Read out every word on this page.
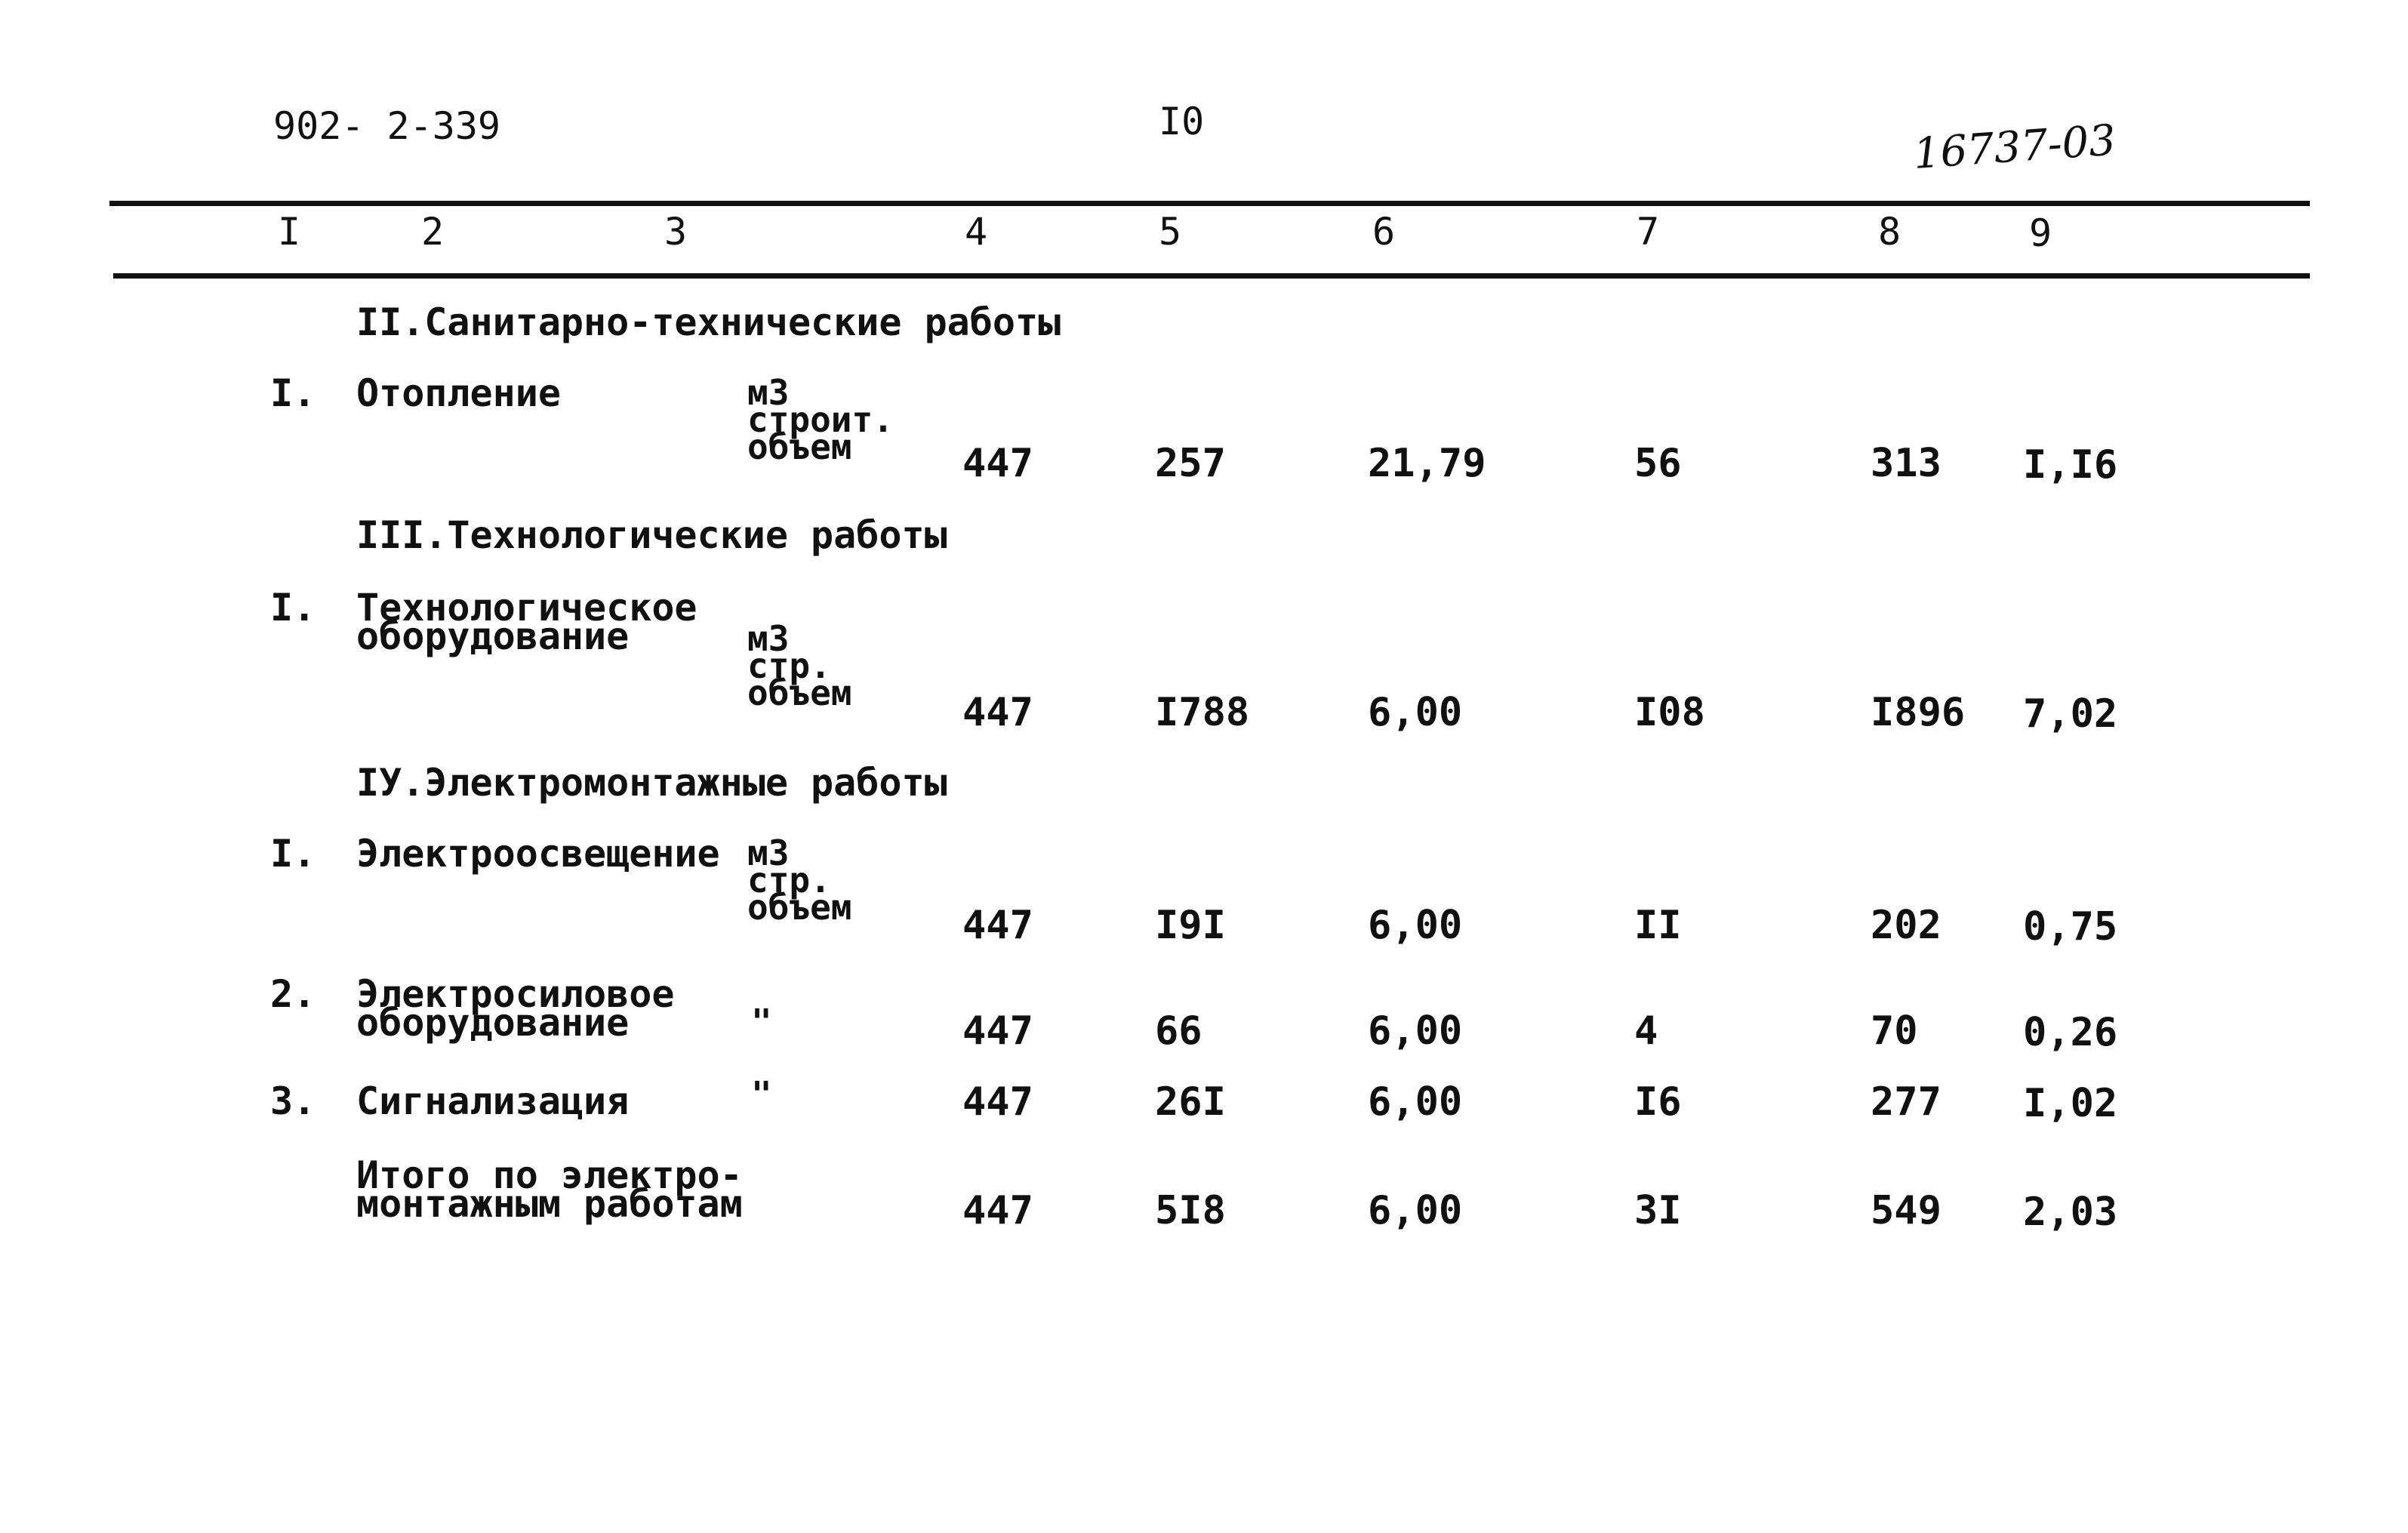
902- 2-339	I0	16737-03
I	2	3	4	5	6	7	8	9
II.Санитарно-технические работы
I. Отопление	м3
строит.
объем	447	257	21,79	56	313 I,I6
III.Технологические работы
I. Технологическое
оборудование	м3
стр.
объем	447	I788	6,00	I08	I896 7,02
IУ.Электромонтажные работы
I. Электроосвещение м3
стр.
объем	447	I9I	6,00	II	202 0,75
2. Электросиловое
оборудование	"	447	66	6,00	4	70	0,26
3. Сигнализация	"	447	26I	6,00	I6	277 I,02
Итого по электро-
монтажным работам	447	5I8	6,00	3I	549 2,03
